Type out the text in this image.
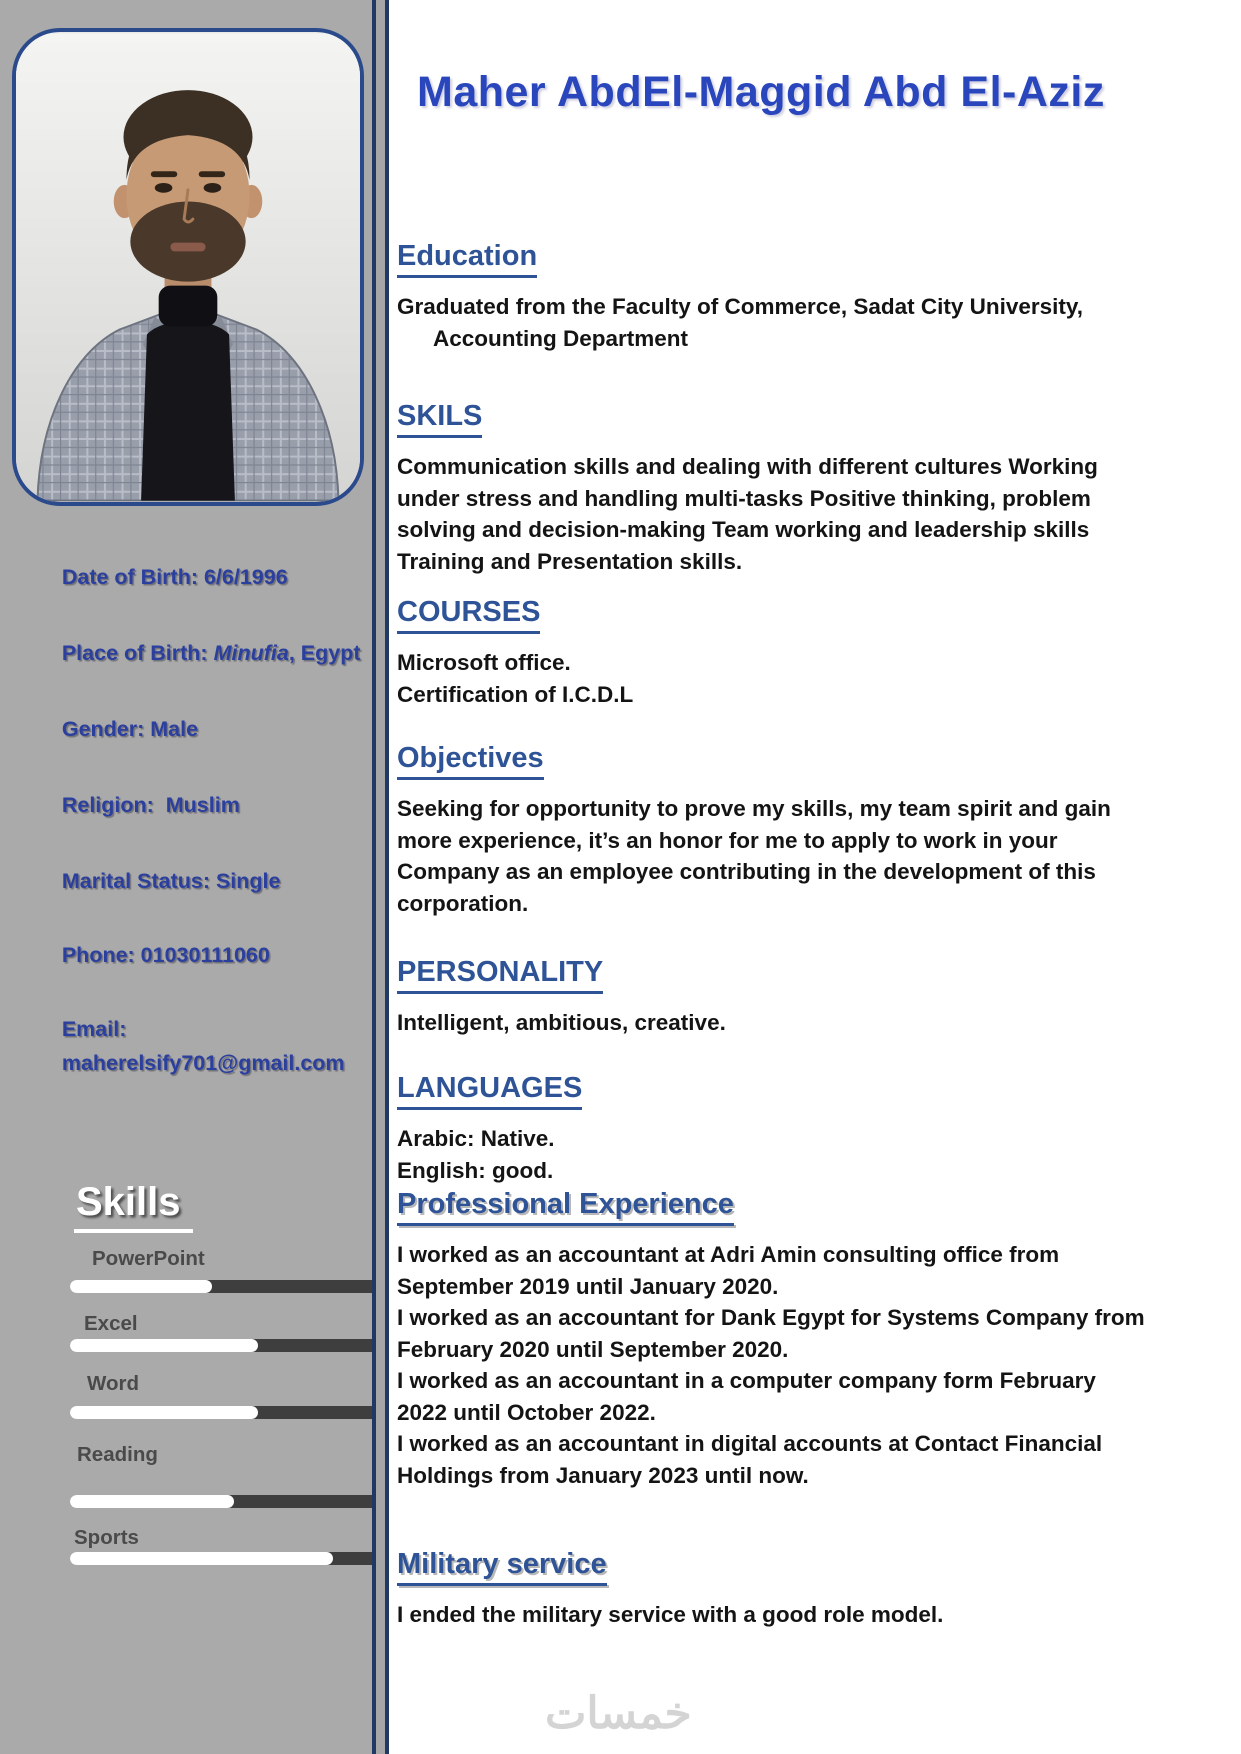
Date of Birth: 6/6/1996

Place of Birth: Minufia, Egypt

Gender: Male

Religion:  Muslim

Marital Status: Single

Phone: 01030111060

Email:

maherelsify701@gmail.com

Skills
PowerPoint
Excel
Word
Reading
Sports
Maher AbdEl-Maggid Abd El-Aziz
Education
Graduated from the Faculty of Commerce, Sadat City University,
Accounting Department
SKILS
Communication skills and dealing with different cultures Working
under stress and handling multi-tasks Positive thinking, problem
solving and decision-making Team working and leadership skills
Training and Presentation skills.
COURSES
Microsoft office.
Certification of I.C.D.L
Objectives
Seeking for opportunity to prove my skills, my team spirit and gain
more experience, it’s an honor for me to apply to work in your
Company as an employee contributing in the development of this
corporation.
PERSONALITY
Intelligent, ambitious, creative.
LANGUAGES
Arabic: Native.
English: good.
Professional Experience
I worked as an accountant at Adri Amin consulting office from
September 2019 until January 2020.
I worked as an accountant for Dank Egypt for Systems Company from
February 2020 until September 2020.
I worked as an accountant in a computer company form February
2022 until October 2022.
I worked as an accountant in digital accounts at Contact Financial
Holdings from January 2023 until now.
Military service
I ended the military service with a good role model.
خمسات
